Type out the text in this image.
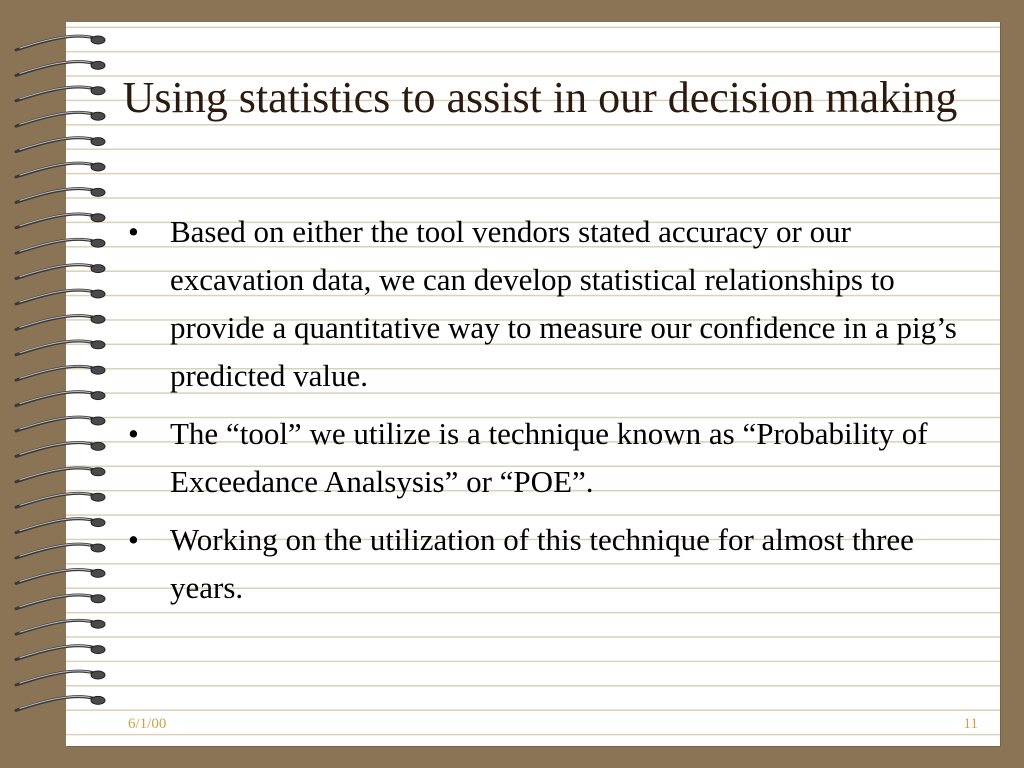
Using statistics to assist in our decision making
•	Based on either the tool vendors stated accuracy or our excavation data, we can develop statistical relationships to provide a quantitative way to measure our confidence in a pig’s predicted value.
•	The “tool” we utilize is a technique known as “Probability of Exceedance Analsysis” or “POE”.
•	Working on the utilization of this technique for almost three years.
6/1/00	11
